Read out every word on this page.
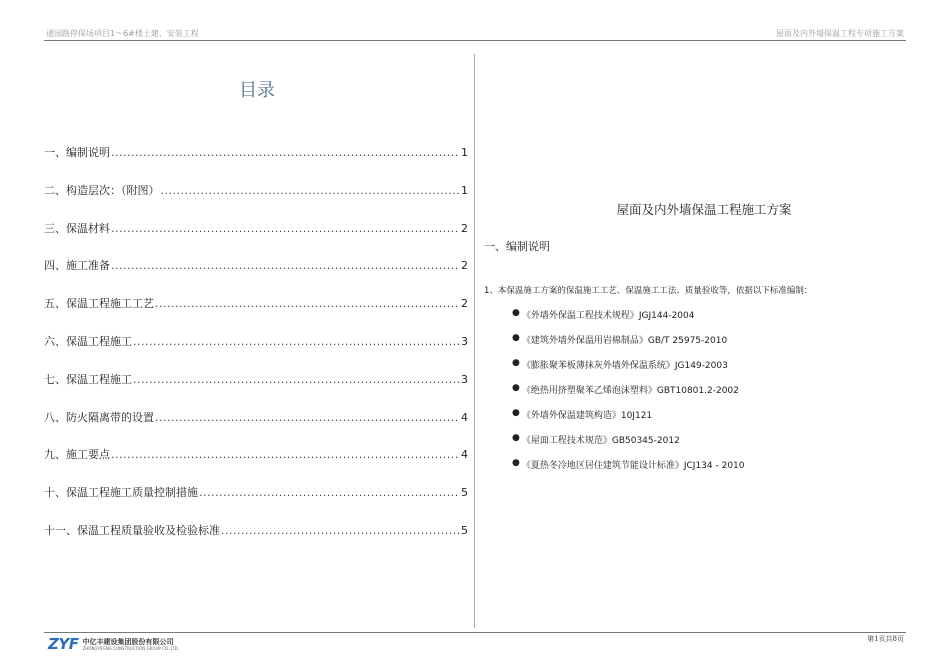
通园路停保场项目1～6#楼土建、安装工程	屋面及内外墙保温工程专项施工方案
目录
一、编制说明 .....	1
二、构造层次：（附图） .....	1
三、保温材料 .....	2
四、施工准备 .....	2
五、保温工程施工工艺 .....	2
六、保温工程施工 .....	3
七、保温工程施工 .....	3
八、防火隔离带的设置 .....	4
九、施工要点 .....	4
十、保温工程施工质量控制措施 .....	5
十一、保温工程质量验收及检验标准 .....	5
屋面及内外墙保温工程施工方案
一、编制说明
1、本保温施工方案的保温施工工艺、保温施工工法、质量验收等，依据以下标准编制：
● 《外墙外保温工程技术规程》JGJ144-2004
● 《建筑外墙外保温用岩棉制品》GB/T 25975-2010
● 《膨胀聚苯板薄抹灰外墙外保温系统》JG149-2003
● 《绝热用挤塑聚苯乙烯泡沫塑料》GBT10801.2-2002
● 《外墙外保温建筑构造》10J121
● 《屋面工程技术规范》GB50345-2012
● 《夏热冬冷地区居住建筑节能设计标准》JCJ134 - 2010
ZYF 中亿丰建设集团股份有限公司
ZHONGYIFENG CONSTRUCTION GROUP CO.,LTD.
第1页共8页
